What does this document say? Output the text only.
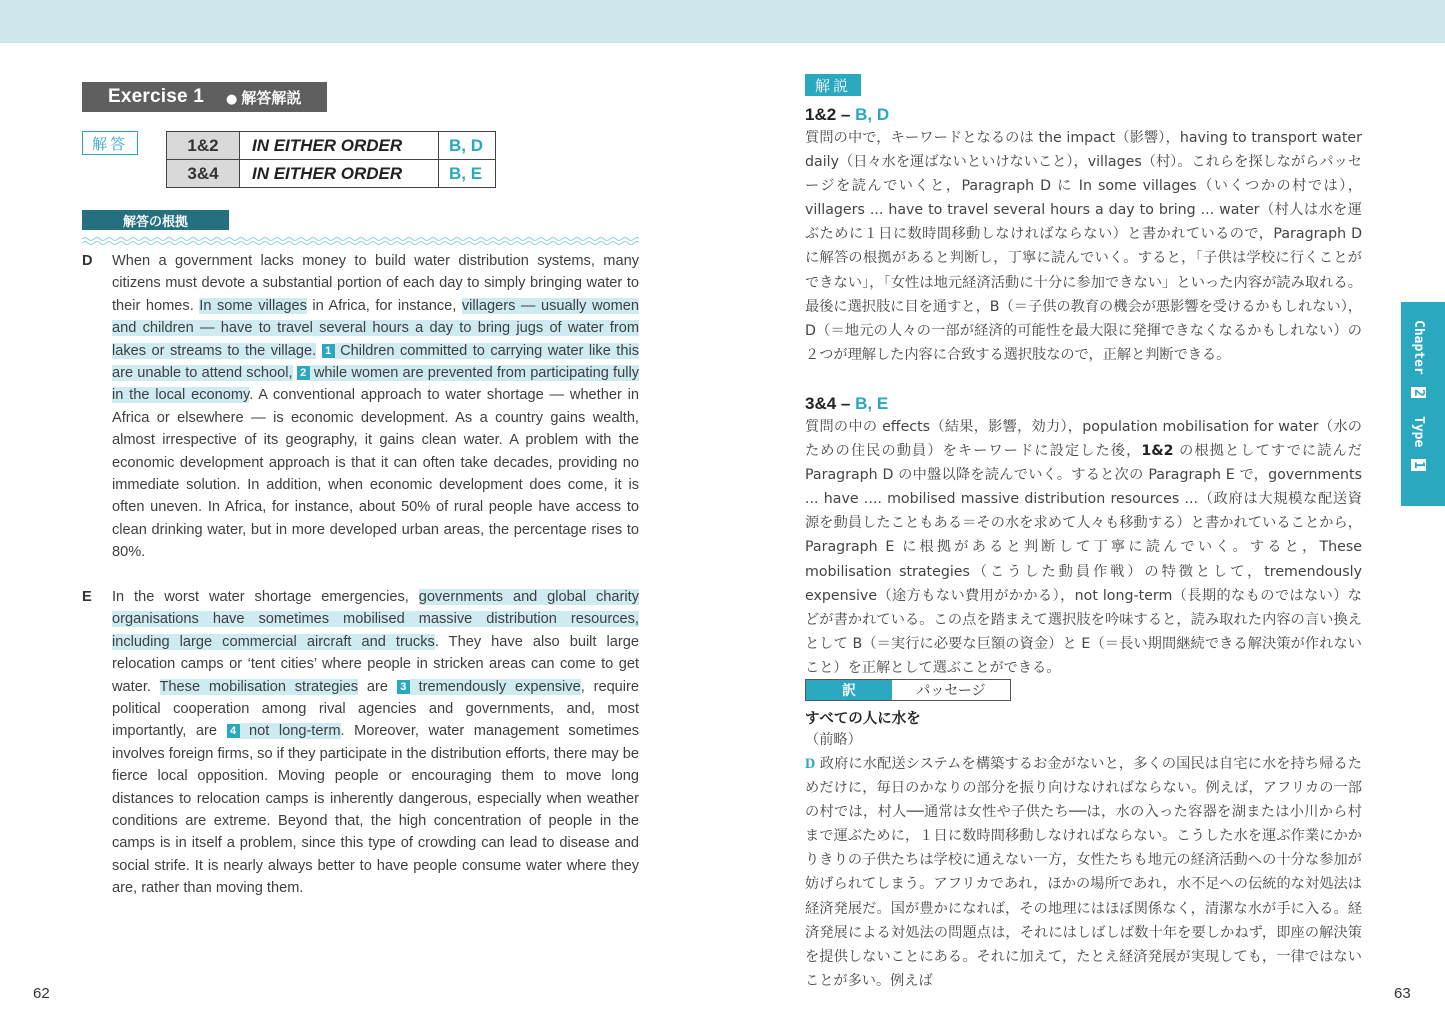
Exercise 1	● 解答解説
解答	1&2	IN EITHER ORDER	B, D
3&4	IN EITHER ORDER	B, E
解答の根拠
D When a government lacks money to build water distribution systems, many citizens must devote a substantial portion of each day to simply bringing water to their homes. In some villages in Africa, for instance, villagers — usually women and children — have to travel several hours a day to bring jugs of water from lakes or streams to the village. 1 Children committed to carrying water like this are unable to attend school, 2 while women are prevented from participating fully in the local economy. A conventional approach to water shortage — whether in Africa or elsewhere — is economic development. As a country gains wealth, almost irrespective of its geography, it gains clean water. A problem with the economic development approach is that it can often take decades, providing no immediate solution. In addition, when economic development does come, it is often uneven. In Africa, for instance, about 50% of rural people have access to clean drinking water, but in more developed urban areas, the percentage rises to 80%.
E In the worst water shortage emergencies, governments and global charity organisations have sometimes mobilised massive distribution resources, including large commercial aircraft and trucks. They have also built large relocation camps or ‘tent cities’ where people in stricken areas can come to get water. These mobilisation strategies are 3 tremendously expensive, require political cooperation among rival agencies and governments, and, most importantly, are 4 not long-term. Moreover, water management sometimes involves foreign firms, so if they participate in the distribution efforts, there may be fierce local opposition. Moving people or encouraging them to move long distances to relocation camps is inherently dangerous, especially when weather conditions are extreme. Beyond that, the high concentration of people in the camps is in itself a problem, since this type of crowding can lead to disease and social strife. It is nearly always better to have people consume water where they are, rather than moving them.
62
解説
1&2 – B, D
質問の中で，キーワードとなるのは the impact（影響），having to transport water daily（日々水を運ばないといけないこと），villages（村）。これらを探しながらパッセージを読んでいくと，Paragraph D に In some villages（いくつかの村では），villagers ... have to travel several hours a day to bring ... water（村人は水を運ぶために１日に数時間移動しなければならない）と書かれているので，Paragraph D に解答の根拠があると判断し，丁寧に読んでいく。すると，「子供は学校に行くことができない」，「女性は地元経済活動に十分に参加できない」といった内容が読み取れる。最後に選択肢に目を通すと，B（＝子供の教育の機会が悪影響を受けるかもしれない），D（＝地元の人々の一部が経済的可能性を最大限に発揮できなくなるかもしれない）の２つが理解した内容に合致する選択肢なので，正解と判断できる。
3&4 – B, E
質問の中の effects（結果，影響，効力），population mobilisation for water（水のための住民の動員）をキーワードに設定した後，1&2 の根拠としてすでに読んだ Paragraph D の中盤以降を読んでいく。すると次の Paragraph E で，governments ... have .... mobilised massive distribution resources ...（政府は大規模な配送資源を動員したこともある＝その水を求めて人々も移動する）と書かれていることから，Paragraph E に根拠があると判断して丁寧に読んでいく。すると，These mobilisation strategies（こうした動員作戦）の特徴として，tremendously expensive（途方もない費用がかかる），not long-term（長期的なものではない）などが書かれている。この点を踏まえて選択肢を吟味すると，読み取れた内容の言い換えとして B（＝実行に必要な巨額の資金）と E（＝長い期間継続できる解決策が作れないこと）を正解として選ぶことができる。
訳	パッセージ
すべての人に水を
（前略）
D 政府に水配送システムを構築するお金がないと，多くの国民は自宅に水を持ち帰るためだけに，毎日のかなりの部分を振り向けなければならない。例えば，アフリカの一部の村では，村人──通常は女性や子供たち──は，水の入った容器を湖または小川から村まで運ぶために，１日に数時間移動しなければならない。こうした水を運ぶ作業にかかりきりの子供たちは学校に通えない一方，女性たちも地元の経済活動への十分な参加が妨げられてしまう。アフリカであれ，ほかの場所であれ，水不足への伝統的な対処法は経済発展だ。国が豊かになれば，その地理にはほぼ関係なく，清潔な水が手に入る。経済発展による対処法の問題点は，それにはしばしば数十年を要しかねず，即座の解決策を提供しないことにある。それに加えて，たとえ経済発展が実現しても，一律ではないことが多い。例えば
Chapter 2 Type 1
63
